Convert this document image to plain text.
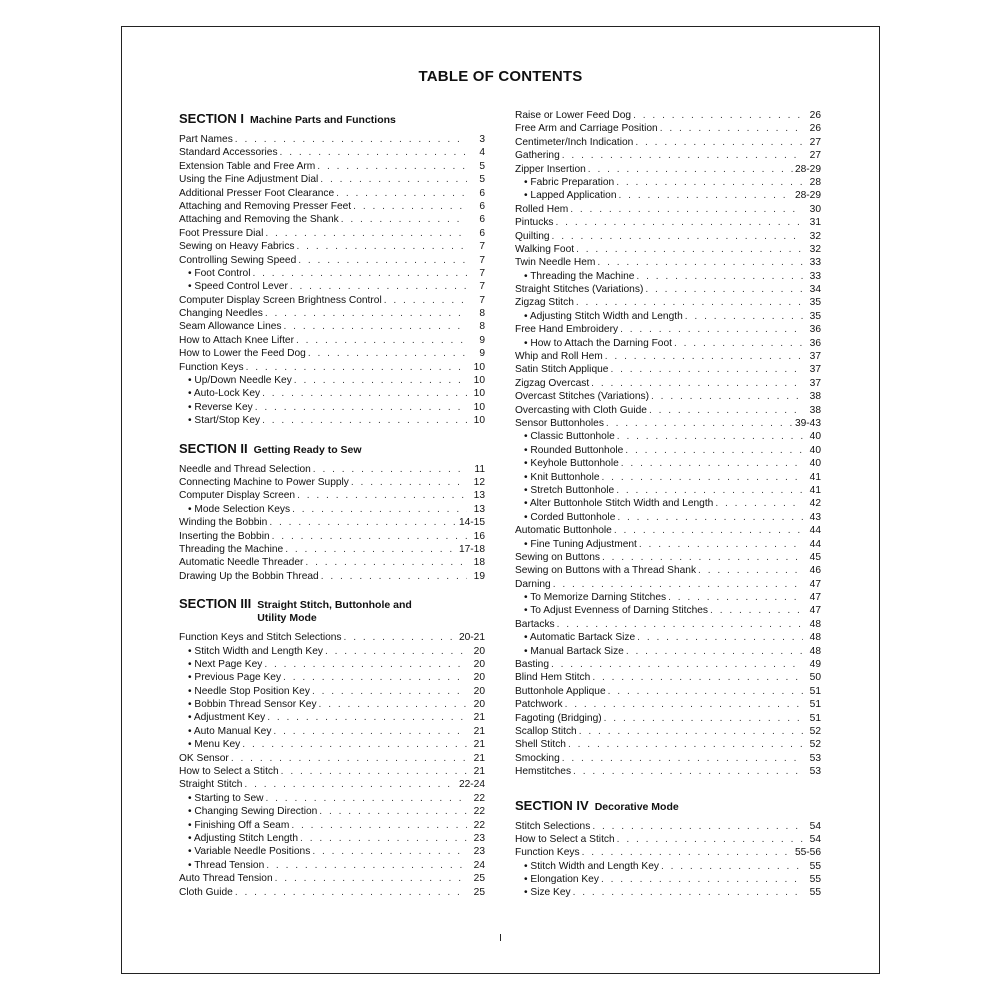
TABLE OF CONTENTS
SECTION I Machine Parts and Functions
Part Names . . .	3
Standard Accessories . . .	4
Extension Table and Free Arm . . .	5
Using the Fine Adjustment Dial . . .	5
Additional Presser Foot Clearance . . .	6
Attaching and Removing Presser Feet . . .	6
Attaching and Removing the Shank . . .	6
Foot Pressure Dial . . .	6
Sewing on Heavy Fabrics . . .	7
Controlling Sewing Speed . . .	7
• Foot Control . . .	7
• Speed Control Lever . . .	7
Computer Display Screen Brightness Control . . .	7
Changing Needles . . .	8
Seam Allowance Lines . . .	8
How to Attach Knee Lifter . . .	9
How to Lower the Feed Dog . . .	9
Function Keys . . .	10
• Up/Down Needle Key . . .	10
• Auto-Lock Key . . .	10
• Reverse Key . . .	10
• Start/Stop Key . . .	10
SECTION II Getting Ready to Sew
Needle and Thread Selection . . .	11
Connecting Machine to Power Supply . . .	12
Computer Display Screen . . .	13
• Mode Selection Keys . . .	13
Winding the Bobbin . . .	14-15
Inserting the Bobbin . . .	16
Threading the Machine . . .	17-18
Automatic Needle Threader . . .	18
Drawing Up the Bobbin Thread . . .	19
SECTION III Straight Stitch, Buttonhole and
Utility Mode
Function Keys and Stitch Selections . . .	20-21
• Stitch Width and Length Key . . .	20
• Next Page Key . . .	20
• Previous Page Key . . .	20
• Needle Stop Position Key . . .	20
• Bobbin Thread Sensor Key . . .	20
• Adjustment Key . . .	21
• Auto Manual Key . . .	21
• Menu Key . . .	21
OK Sensor . . .	21
How to Select a Stitch . . .	21
Straight Stitch . . .	22-24
• Starting to Sew . . .	22
• Changing Sewing Direction . . .	22
• Finishing Off a Seam . . .	22
• Adjusting Stitch Length . . .	23
• Variable Needle Positions . . .	23
• Thread Tension . . .	24
Auto Thread Tension . . .	25
Cloth Guide . . .	25
Raise or Lower Feed Dog . . .	26
Free Arm and Carriage Position . . .	26
Centimeter/Inch Indication . . .	27
Gathering . . .	27
Zipper Insertion . . .	28-29
• Fabric Preparation . . .	28
• Lapped Application . . .	28-29
Rolled Hem . . .	30
Pintucks . . .	31
Quilting . . .	32
Walking Foot . . .	32
Twin Needle Hem . . .	33
• Threading the Machine . . .	33
Straight Stitches (Variations) . . .	34
Zigzag Stitch . . .	35
• Adjusting Stitch Width and Length . . .	35
Free Hand Embroidery . . .	36
• How to Attach the Darning Foot . . .	36
Whip and Roll Hem . . .	37
Satin Stitch Applique . . .	37
Zigzag Overcast . . .	37
Overcast Stitches (Variations) . . .	38
Overcasting with Cloth Guide . . .	38
Sensor Buttonholes . . .	39-43
• Classic Buttonhole . . .	40
• Rounded Buttonhole . . .	40
• Keyhole Buttonhole . . .	40
• Knit Buttonhole . . .	41
• Stretch Buttonhole . . .	41
• Alter Buttonhole Stitch Width and Length . . .	42
• Corded Buttonhole . . .	43
Automatic Buttonhole . . .	44
• Fine Tuning Adjustment . . .	44
Sewing on Buttons . . .	45
Sewing on Buttons with a Thread Shank . . .	46
Darning . . .	47
• To Memorize Darning Stitches . . .	47
• To Adjust Evenness of Darning Stitches . . .	47
Bartacks . . .	48
• Automatic Bartack Size . . .	48
• Manual Bartack Size . . .	48
Basting . . .	49
Blind Hem Stitch . . .	50
Buttonhole Applique . . .	51
Patchwork . . .	51
Fagoting (Bridging) . . .	51
Scallop Stitch . . .	52
Shell Stitch . . .	52
Smocking . . .	53
Hemstitches . . .	53
SECTION IV Decorative Mode
Stitch Selections . . .	54
How to Select a Stitch . . .	54
Function Keys . . .	55-56
• Stitch Width and Length Key . . .	55
• Elongation Key . . .	55
• Size Key . . .	55
I
